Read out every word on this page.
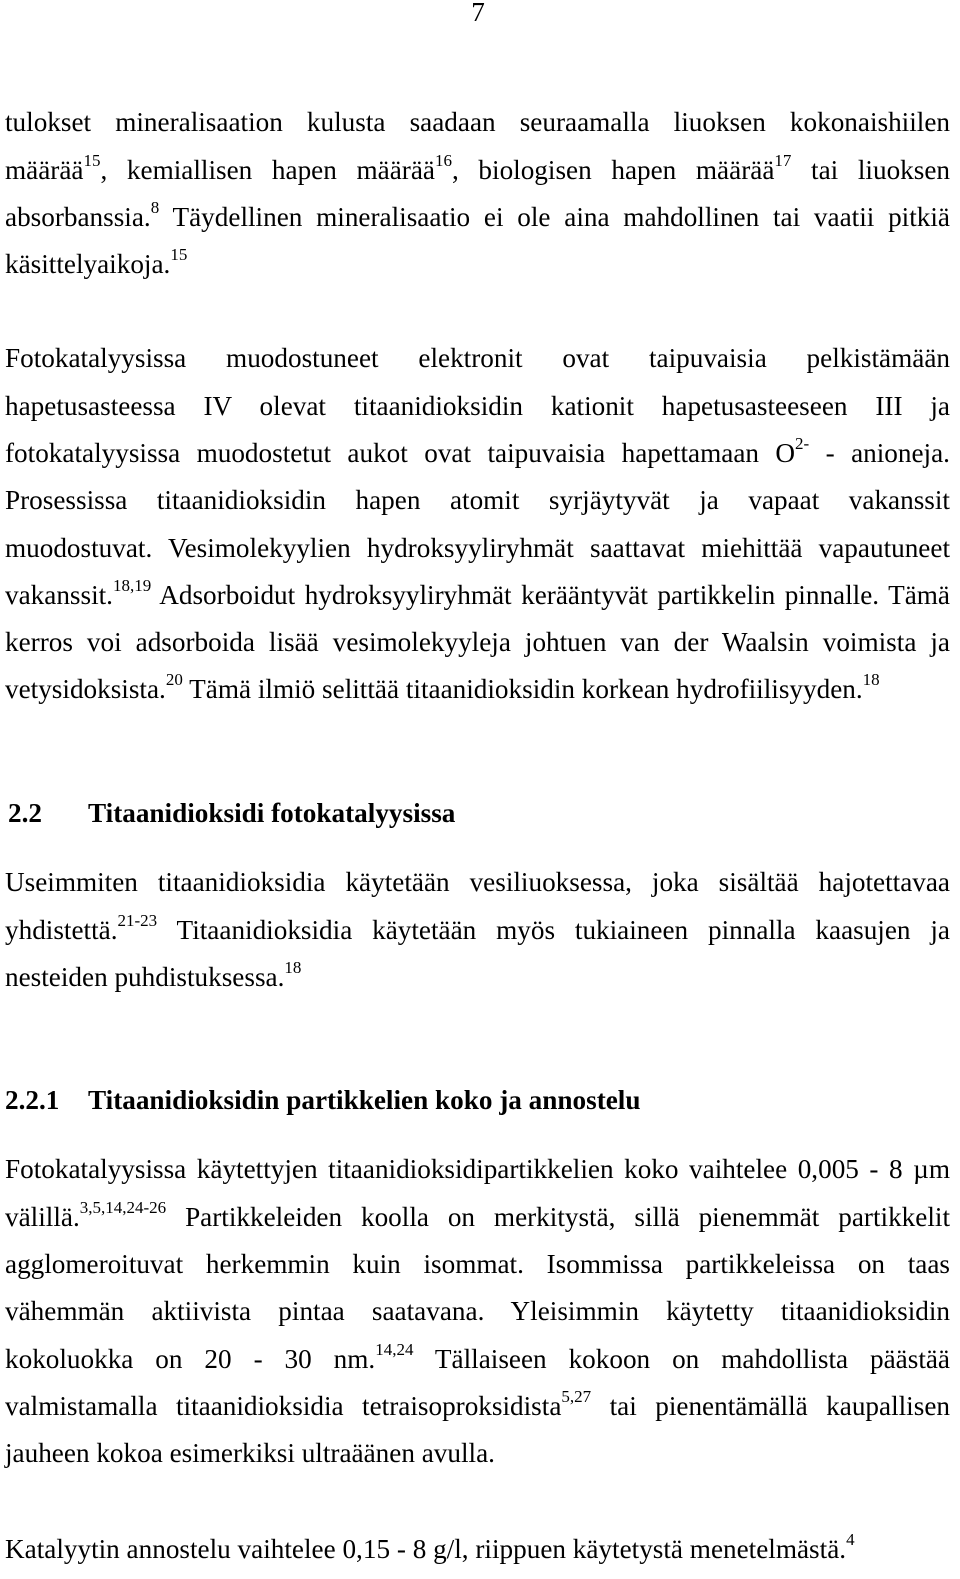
7
tulokset mineralisaation kulusta saadaan seuraamalla liuoksen kokonaishiilen
määrää$^{15}$, kemiallisen hapen määrää$^{16}$, biologisen hapen määrää$^{17}$ tai liuoksen
absorbanssia.$^8$ Täydellinen mineralisaatio ei ole aina mahdollinen tai vaatii pitkiä
käsittelyaikoja.$^{15}$
Fotokatalyysissa muodostuneet elektronit ovat taipuvaisia pelkistämään
hapetusasteessa IV olevat titaanidioksidin kationit hapetusasteeseen III ja
fotokatalyysissa muodostetut aukot ovat taipuvaisia hapettamaan O$^{2-}$ - anioneja.
Prosessissa titaanidioksidin hapen atomit syrjäytyvät ja vapaat vakanssit
muodostuvat. Vesimolekyylien hydroksyyliryhmät saattavat miehittää vapautuneet
vakanssit.$^{18,19}$ Adsorboidut hydroksyyliryhmät kerääntyvät partikkelin pinnalle. Tämä
kerros voi adsorboida lisää vesimolekyyleja johtuen van der Waalsin voimista ja
vetysidoksista.$^{20}$ Tämä ilmiö selittää titaanidioksidin korkean hydrofiilisyyden.$^{18}$
2.2 Titaanidioksidi fotokatalyysissa
Useimmiten titaanidioksidia käytetään vesiliuoksessa, joka sisältää hajotettavaa
yhdistettä.$^{21-23}$ Titaanidioksidia käytetään myös tukiaineen pinnalla kaasujen ja
nesteiden puhdistuksessa.$^{18}$
2.2.1 Titaanidioksidin partikkelien koko ja annostelu
Fotokatalyysissa käytettyjen titaanidioksidipartikkelien koko vaihtelee 0,005 - 8 µm
välillä.$^{3,5,14,24-26}$ Partikkeleiden koolla on merkitystä, sillä pienemmät partikkelit
agglomeroituvat herkemmin kuin isommat. Isommissa partikkeleissa on taas
vähemmän aktiivista pintaa saatavana. Yleisimmin käytetty titaanidioksidin
kokoluokka on 20 - 30 nm.$^{14,24}$ Tällaiseen kokoon on mahdollista päästää
valmistamalla titaanidioksidia tetraisoproksidista$^{5,27}$ tai pienentämällä kaupallisen
jauheen kokoa esimerkiksi ultraäänen avulla.
Katalyytin annostelu vaihtelee 0,15 - 8 g/l, riippuen käytetystä menetelmästä.$^4$
